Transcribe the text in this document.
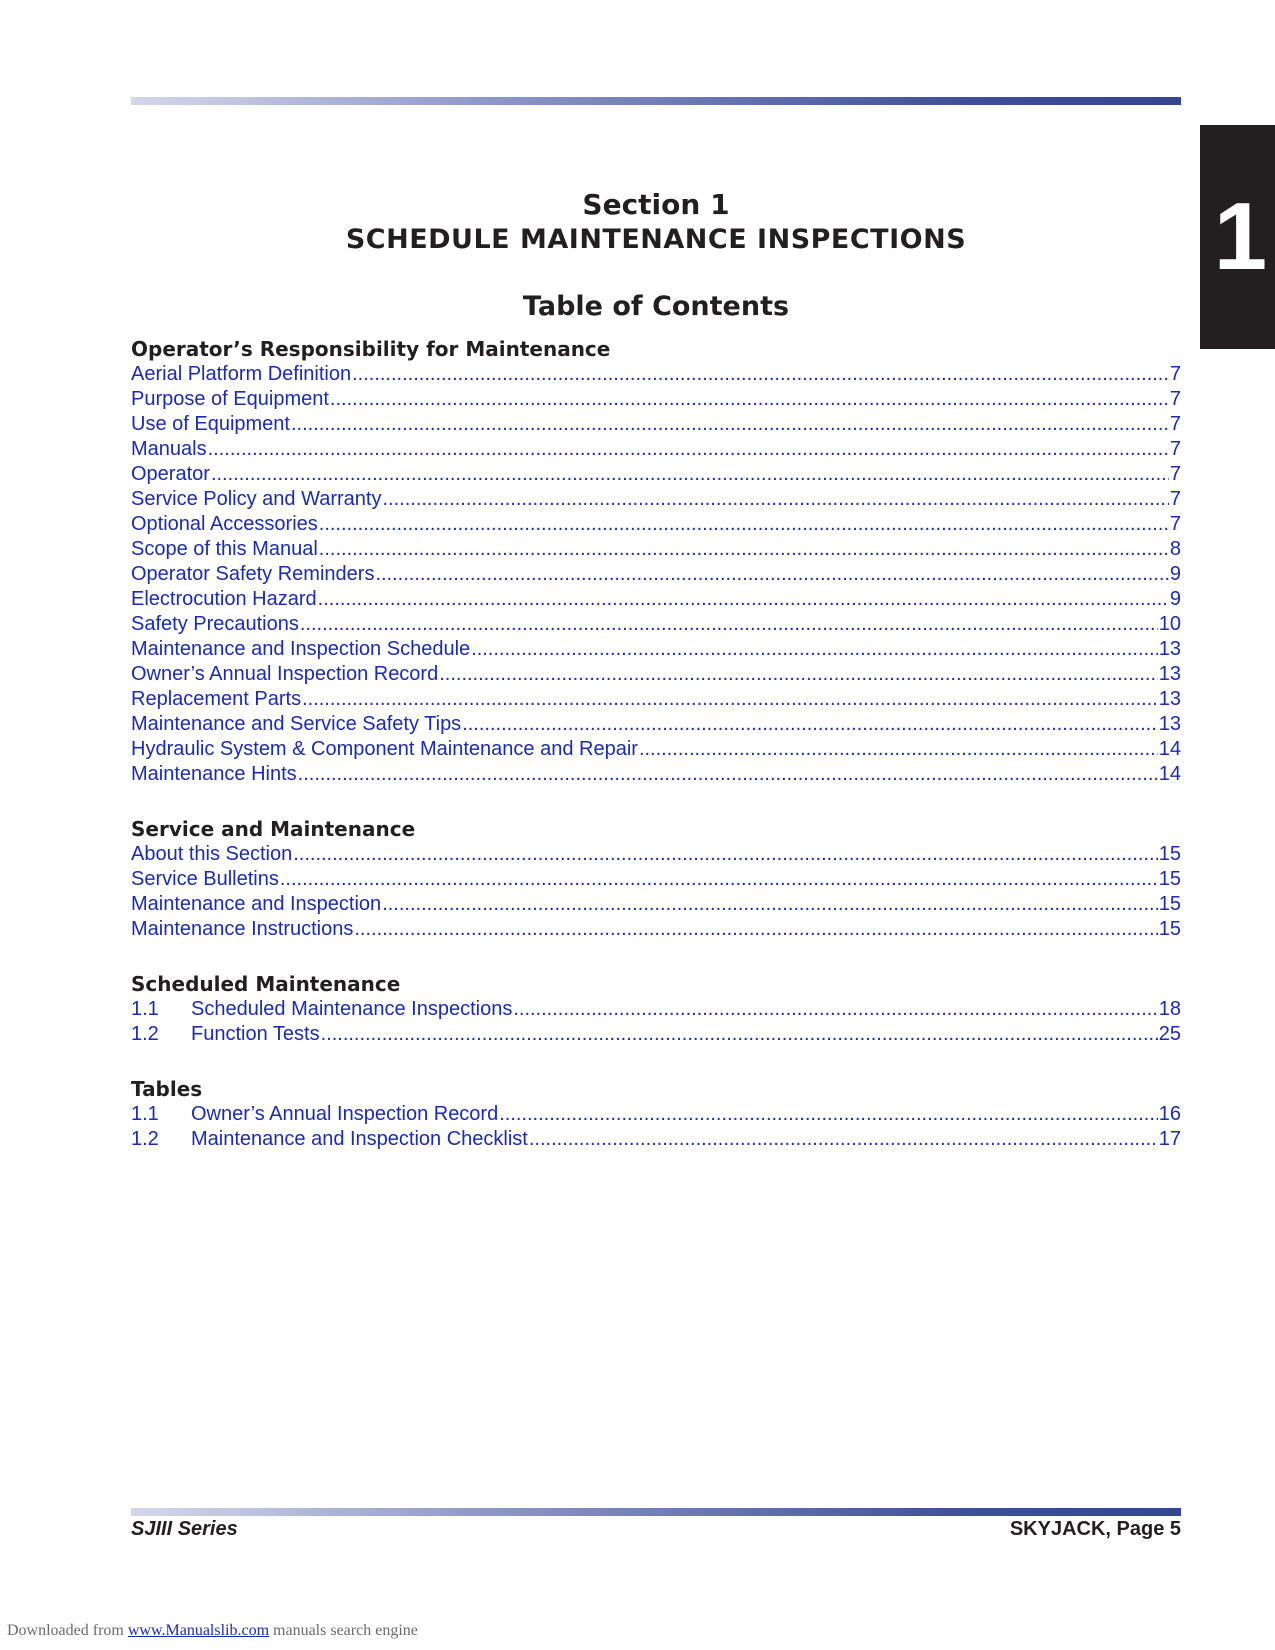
1
Section 1
SCHEDULE MAINTENANCE INSPECTIONS
Table of Contents
Operator’s Responsibility for Maintenance
Aerial Platform Definition .....	7
Purpose of Equipment .....	7
Use of Equipment .....	7
Manuals .....	7
Operator .....	7
Service Policy and Warranty .....	7
Optional Accessories .....	7
Scope of this Manual .....	8
Operator Safety Reminders .....	9
Electrocution Hazard .....	9
Safety Precautions .....	10
Maintenance and Inspection Schedule .....	13
Owner’s Annual Inspection Record .....	13
Replacement Parts .....	13
Maintenance and Service Safety Tips .....	13
Hydraulic System & Component Maintenance and Repair .....	14
Maintenance Hints .....	14
Service and Maintenance
About this Section .....	15
Service Bulletins .....	15
Maintenance and Inspection .....	15
Maintenance Instructions .....	15
Scheduled Maintenance
1.1	Scheduled Maintenance Inspections .....	18
1.2	Function Tests .....	25
Tables
1.1	Owner’s Annual Inspection Record .....	16
1.2	Maintenance and Inspection Checklist .....	17
SJIII Series	SKYJACK, Page 5
Downloaded from www.Manualslib.com manuals search engine
